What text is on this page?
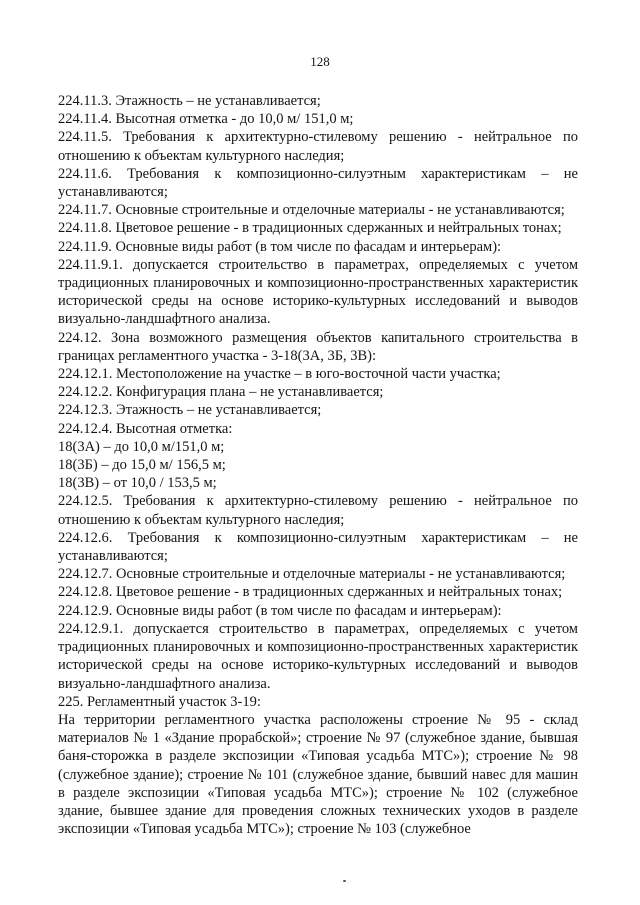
128

224.11.3. Этажность – не устанавливается;

224.11.4. Высотная отметка - до 10,0 м/ 151,0 м;

224.11.5. Требования к архитектурно-стилевому решению - нейтральное по отношению к объектам культурного наследия;

224.11.6. Требования к композиционно-силуэтным характеристикам – не устанавливаются;

224.11.7. Основные строительные и отделочные материалы - не устанавливаются;

224.11.8. Цветовое решение - в традиционных сдержанных и нейтральных тонах;

224.11.9. Основные виды работ (в том числе по фасадам и интерьерам):

224.11.9.1. допускается строительство в параметрах, определяемых с учетом традиционных планировочных и композиционно-пространственных характеристик исторической среды на основе историко-культурных исследований и выводов визуально-ландшафтного анализа.

224.12. Зона возможного размещения объектов капитального строительства в границах регламентного участка - 3-18(3А, 3Б, 3В):

224.12.1. Местоположение на участке – в юго-восточной части участка;

224.12.2. Конфигурация плана – не устанавливается;

224.12.3. Этажность – не устанавливается;

224.12.4. Высотная отметка:

18(3А) – до 10,0 м/151,0 м;

18(3Б) – до 15,0 м/ 156,5 м;

18(3В) – от 10,0 / 153,5 м;

224.12.5. Требования к архитектурно-стилевому решению - нейтральное по отношению к объектам культурного наследия;

224.12.6. Требования к композиционно-силуэтным характеристикам – не устанавливаются;

224.12.7. Основные строительные и отделочные материалы - не устанавливаются;

224.12.8. Цветовое решение - в традиционных сдержанных и нейтральных тонах;

224.12.9. Основные виды работ (в том числе по фасадам и интерьерам):

224.12.9.1. допускается строительство в параметрах, определяемых с учетом традиционных планировочных и композиционно-пространственных характеристик исторической среды на основе историко-культурных исследований и выводов визуально-ландшафтного анализа.

225. Регламентный участок 3-19:

На территории регламентного участка расположены строение № 95 - склад материалов № 1 «Здание прорабской»; строение № 97 (служебное здание, бывшая баня-сторожка в разделе экспозиции «Типовая усадьба МТС»); строение № 98 (служебное здание); строение № 101 (служебное здание, бывший навес для машин в разделе экспозиции «Типовая усадьба МТС»); строение № 102 (служебное здание, бывшее здание для проведения сложных технических уходов в разделе экспозиции «Типовая усадьба МТС»); строение № 103 (служебное
